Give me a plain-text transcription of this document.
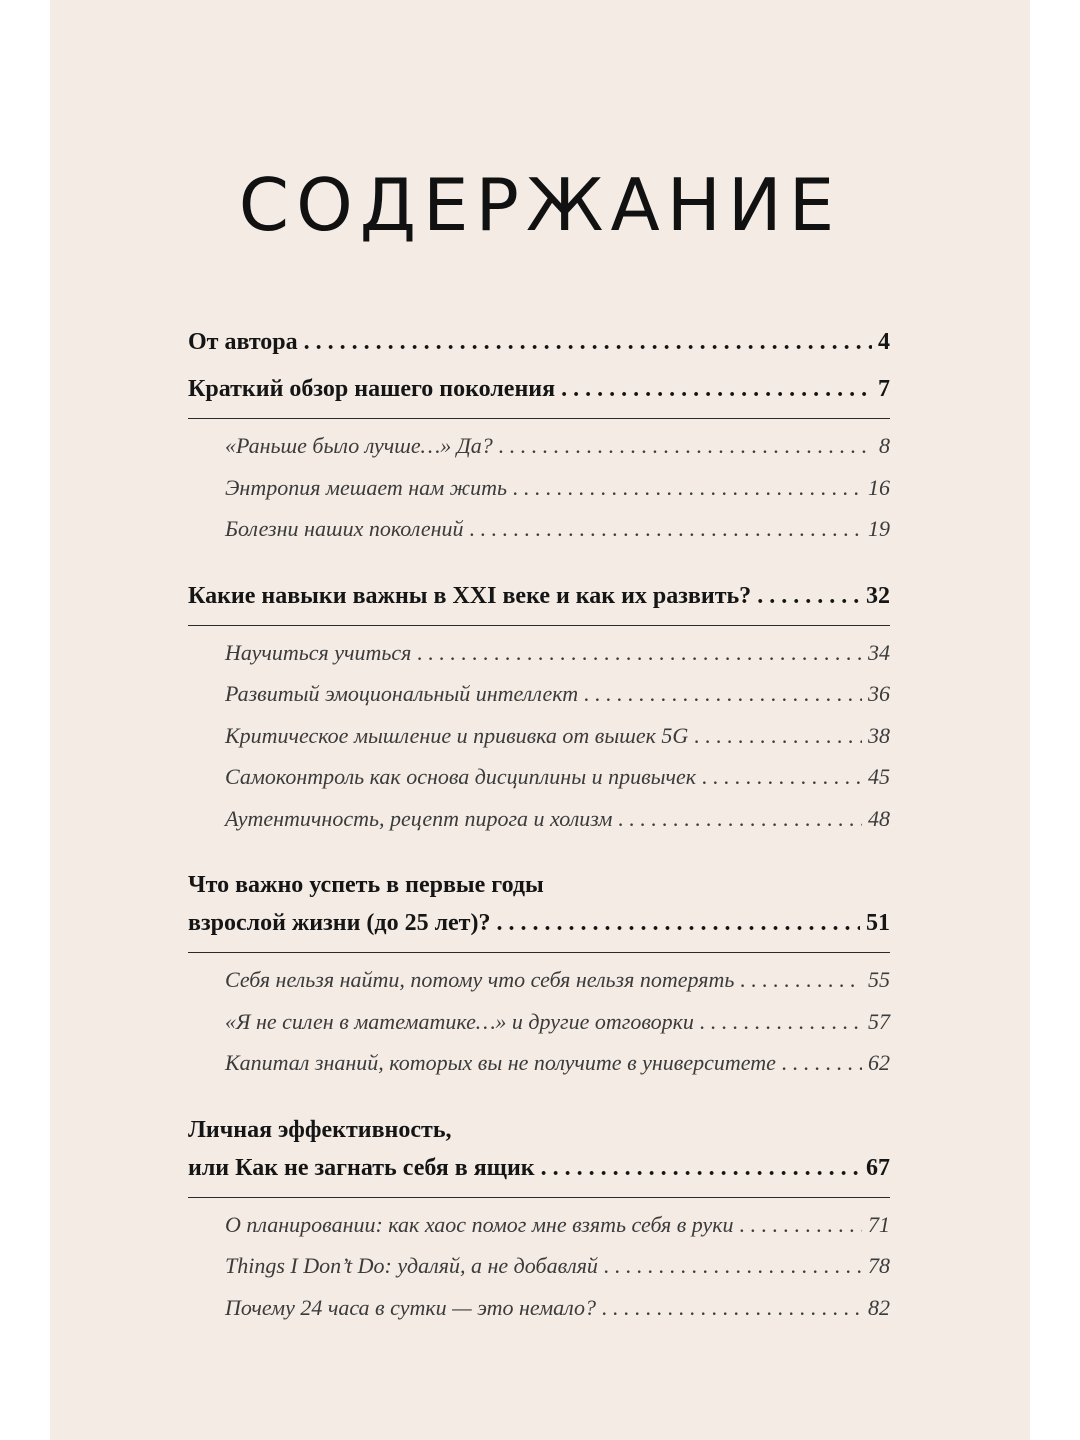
СОДЕРЖАНИЕ
От автора . . .	4
Краткий обзор нашего поколения . . .	7
«Раньше было лучше…» Да? . . .	8
Энтропия мешает нам жить . . .	16
Болезни наших поколений . . .	19
Какие навыки важны в XXI веке и как их развить? . . .	32
Научиться учиться . . .	34
Развитый эмоциональный интеллект . . .	36
Критическое мышление и прививка от вышек 5G . . .	38
Самоконтроль как основа дисциплины и привычек . . .	45
Аутентичность, рецепт пирога и холизм . . .	48
Что важно успеть в первые годы
взрослой жизни (до 25 лет)? . . .	51
Себя нельзя найти, потому что себя нельзя потерять . . .	55
«Я не силен в математике…» и другие отговорки . . .	57
Капитал знаний, которых вы не получите в университете . . .	62
Личная эффективность,
или Как не загнать себя в ящик . . .	67
О планировании: как хаос помог мне взять себя в руки . . .	71
Things I Don’t Do: удаляй, а не добавляй . . .	78
Почему 24 часа в сутки — это немало? . . .	82
